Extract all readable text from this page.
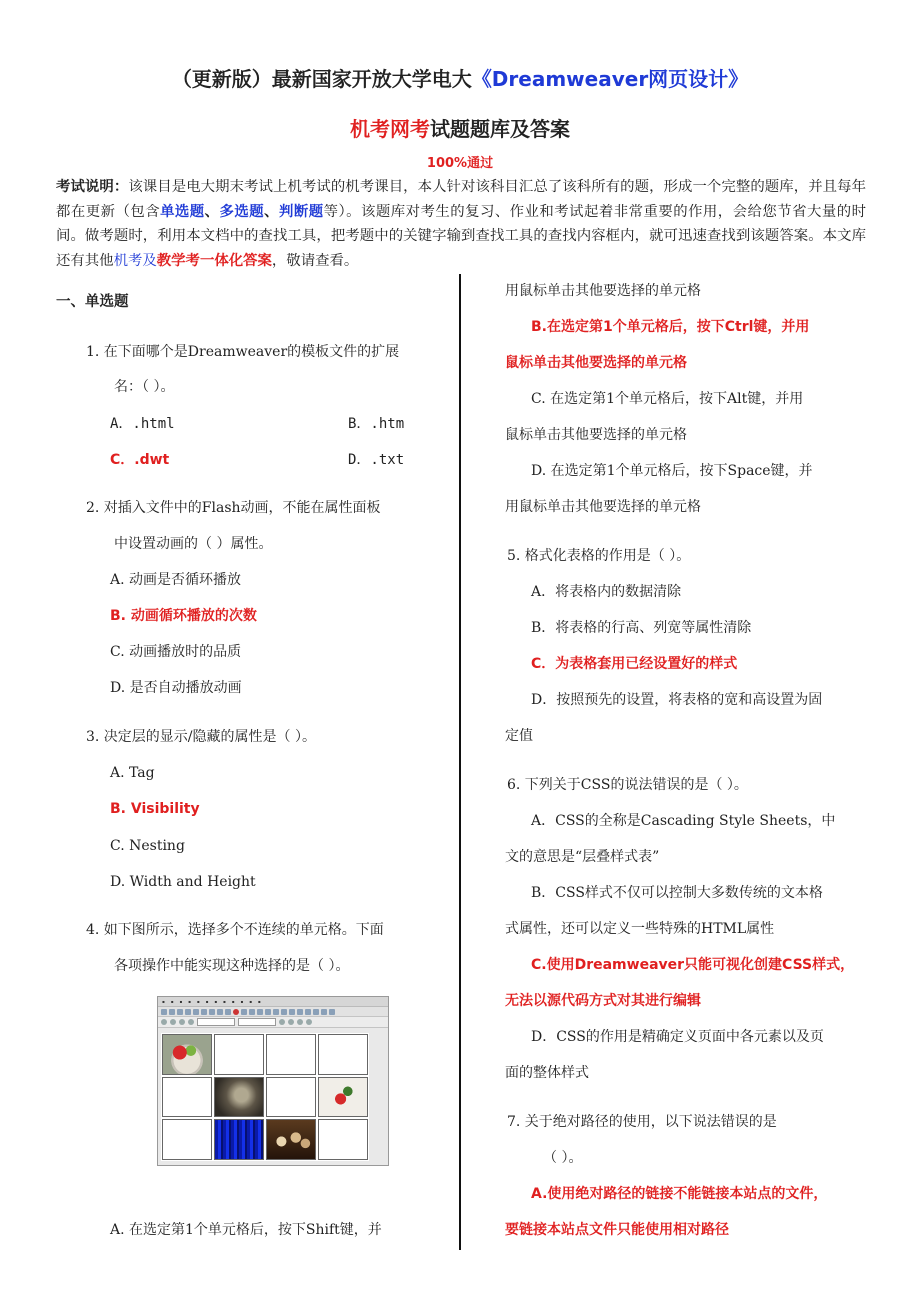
（更新版）最新国家开放大学电大《Dreamweaver网页设计》
机考网考试题题库及答案
100%通过
考试说明：该课目是电大期末考试上机考试的机考课目，本人针对该科目汇总了该科所有的题，形成一个完整的题库，并且每年都在更新（包含单选题、多选题、判断题等）。该题库对考生的复习、作业和考试起着非常重要的作用，会给您节省大量的时间。做考题时，利用本文档中的查找工具，把考题中的关键字输到查找工具的查找内容框内，就可迅速查找到该题答案。本文库还有其他机考及教学考一体化答案，敬请查看。
一、单选题
1. 在下面哪个是Dreamweaver的模板文件的扩展
名：（ ）。
A．.html	B．.htm
C．.dwt	D．.txt
2. 对插入文件中的Flash动画，不能在属性面板
中设置动画的（ ）属性。
A. 动画是否循环播放
B. 动画循环播放的次数
C. 动画播放时的品质
D. 是否自动播放动画
3. 决定层的显示/隐藏的属性是（ ）。
A. Tag
B. Visibility
C. Nesting
D. Width and Height
4. 如下图所示，选择多个不连续的单元格。下面
各项操作中能实现这种选择的是（ ）。
A. 在选定第1个单元格后，按下Shift键，并
▪ ▪ ▪ ▪ ▪ ▪ ▪ ▪ ▪ ▪ ▪ ▪
用鼠标单击其他要选择的单元格
B.在选定第1个单元格后，按下Ctrl键，并用
鼠标单击其他要选择的单元格
C. 在选定第1个单元格后，按下Alt键，并用
鼠标单击其他要选择的单元格
D. 在选定第1个单元格后，按下Space键，并
用鼠标单击其他要选择的单元格
5. 格式化表格的作用是（ ）。
A．将表格内的数据清除
B．将表格的行高、列宽等属性清除
C．为表格套用已经设置好的样式
D．按照预先的设置，将表格的宽和高设置为固
定值
6. 下列关于CSS的说法错误的是（ ）。
A．CSS的全称是Cascading Style Sheets，中
文的意思是“层叠样式表”
B．CSS样式不仅可以控制大多数传统的文本格
式属性，还可以定义一些特殊的HTML属性
C.使用Dreamweaver只能可视化创建CSS样式，
无法以源代码方式对其进行编辑
D．CSS的作用是精确定义页面中各元素以及页
面的整体样式
7. 关于绝对路径的使用，以下说法错误的是
（ ）。
A.使用绝对路径的链接不能链接本站点的文件，
要链接本站点文件只能使用相对路径
